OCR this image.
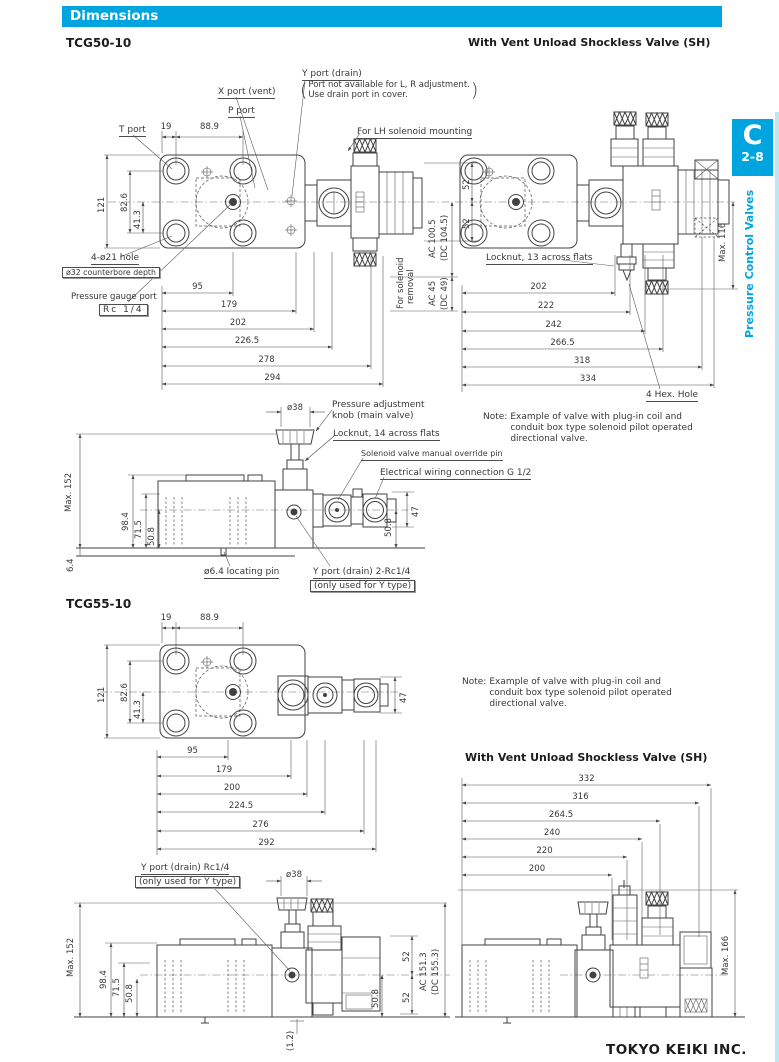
Dimensions
TCG50-10	With Vent Unload Shockless Valve (SH)
C
2-8
Pressure Control Valves
Y port (drain)
( Port not available for L, R adjustment.
Use drain port in cover.	)
X port (vent)
P port
T port	19	88.9	For LH solenoid mounting
121 82.6
41.3
52
52
AC 100.5 (DC 104.5)
For solenoid removal AC 45 (DC 49)
4-ø21 hole
ø32 counterbore depth
Pressure gauge port
Rc 1/4
95
179
202
226.5
278
294
Locknut, 13 across flats
202
222
242
266.5
318
334
Max. 116
4 Hex. Hole
Note: Example of valve with plug-in coil and
conduit box type solenoid pilot operated
directional valve.
ø38	Pressure adjustment
knob (main valve)
Locknut, 14 across flats
Solenoid valve manual override pin
Electrical wiring connection G 1/2
Max. 152
98.4 71.5 50.8
6.4
47
50.8
ø6.4 locating pin	Y port (drain) 2-Rc1/4
(only used for Y type)
TCG55-10
19	88.9
121 82.6
41.3
47
95
179
200
224.5
276
292
Note: Example of valve with plug-in coil and
conduit box type solenoid pilot operated
directional valve.
With Vent Unload Shockless Valve (SH)
332
316
264.5
240
220
200
Max. 166
Y port (drain) Rc1/4
(only used for Y type)
ø38
Max. 152
98.4 71.5 50.8	50.8
52
52
AC 151.3 (DC 155.3)
(1.2)	TOKYO KEIKI INC.
